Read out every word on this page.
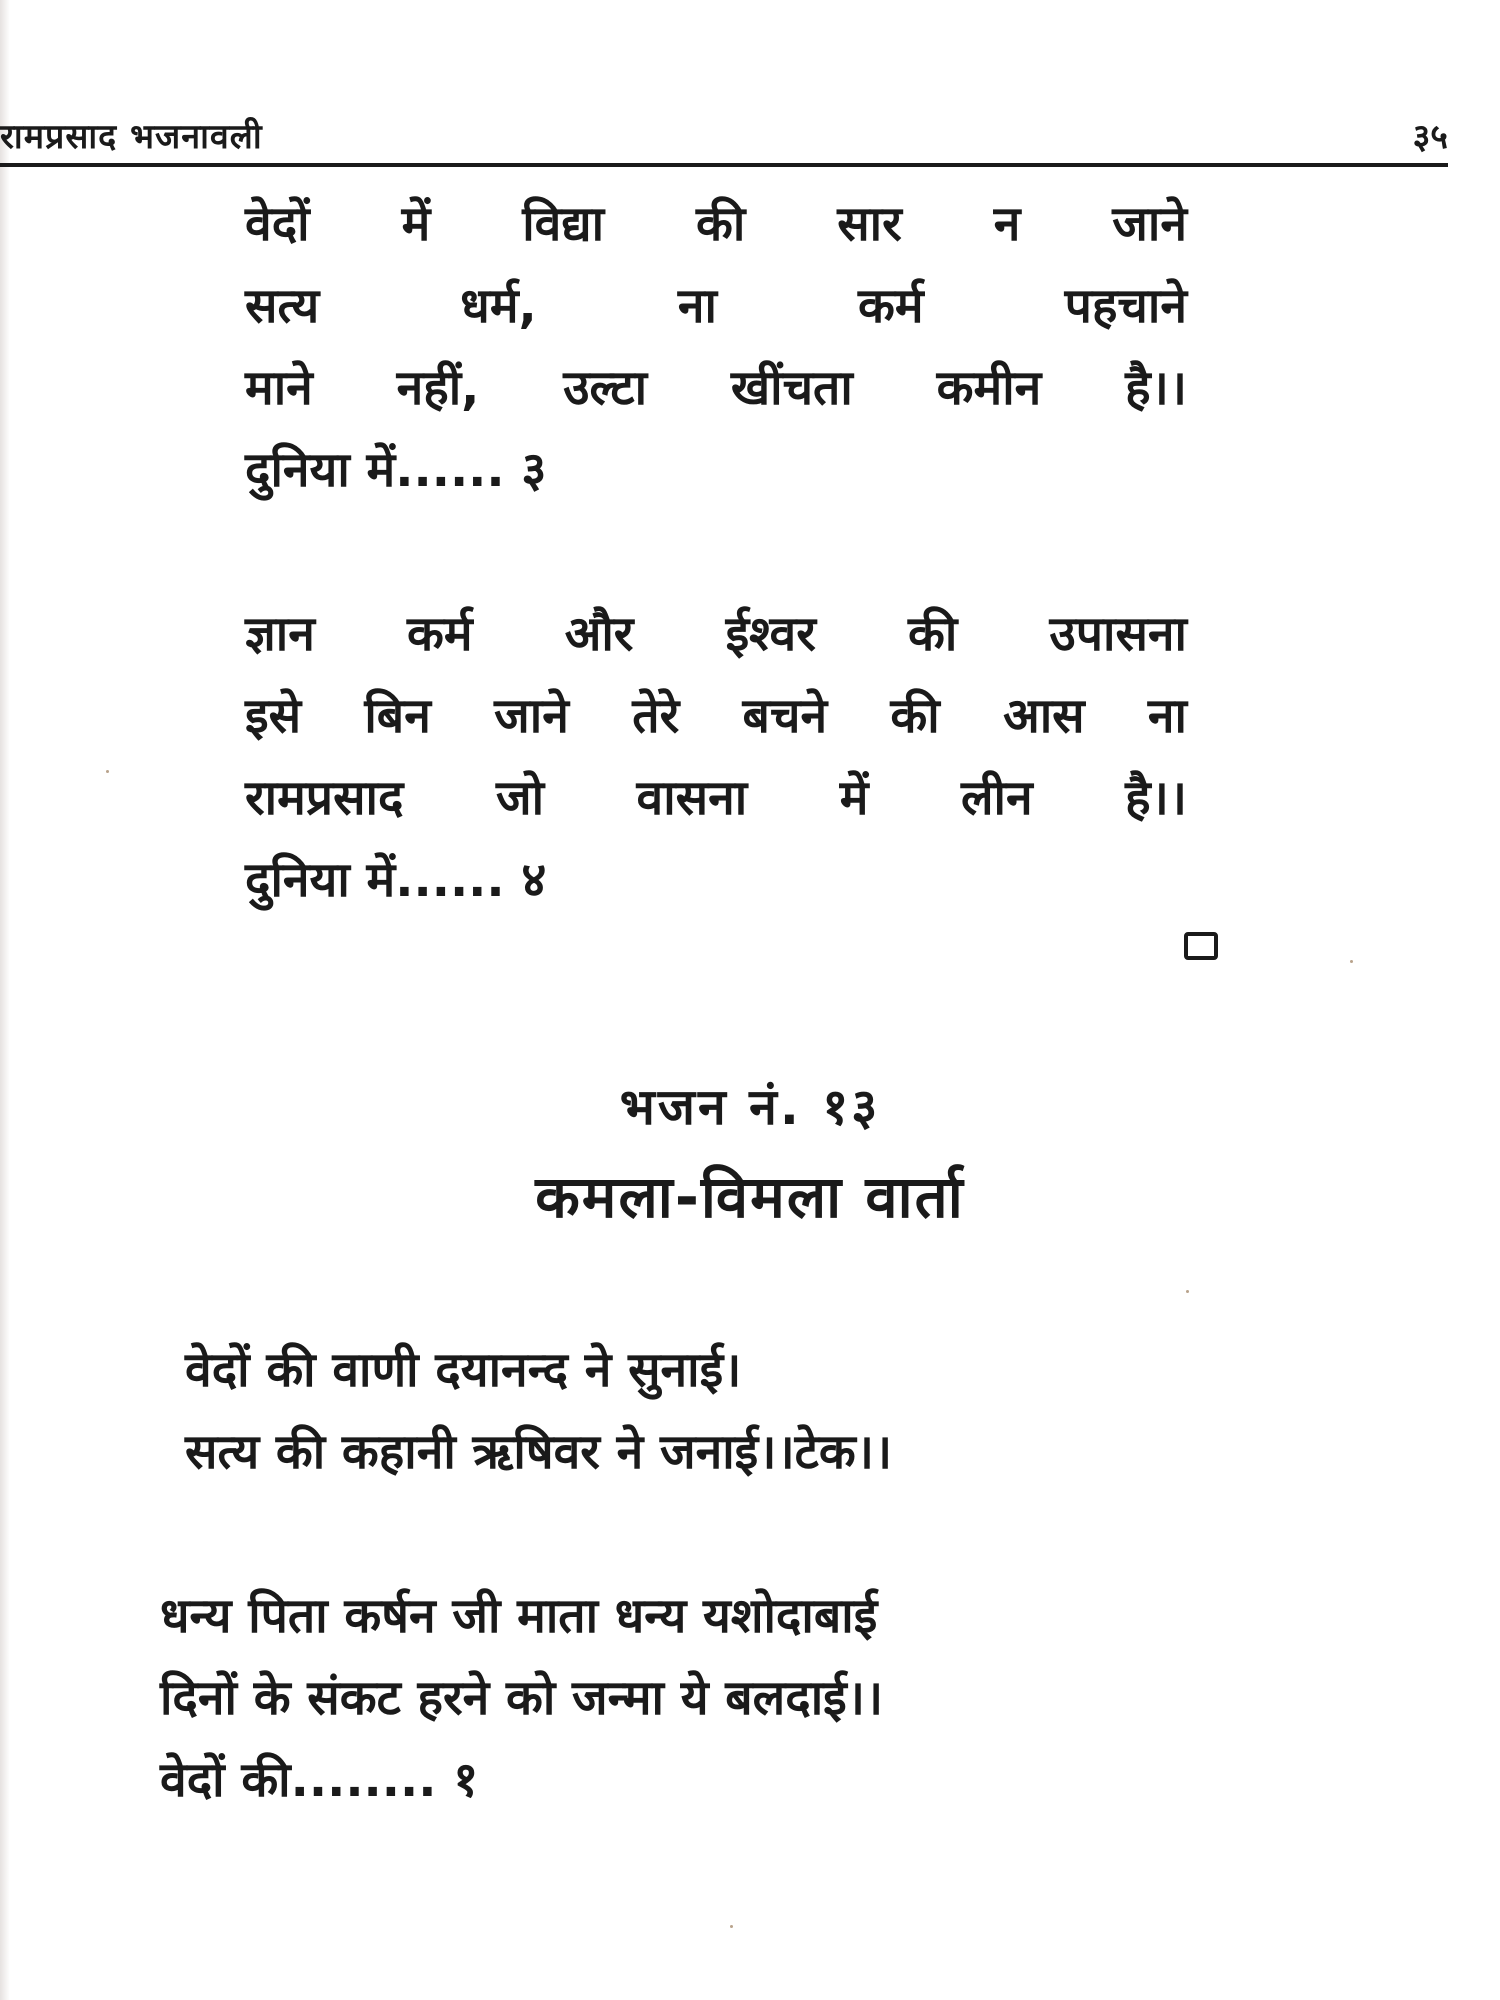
रामप्रसाद भजनावली	३५
वेदों में विद्या की सार न जाने
सत्य धर्म, ना कर्म पहचाने
माने नहीं, उल्टा खींचता कमीन है।।
दुनिया में...... ३
ज्ञान कर्म और ईश्वर की उपासना
इसे बिन जाने तेरे बचने की आस ना
रामप्रसाद जो वासना में लीन है।।
दुनिया में...... ४
भजन नं. १३
कमला-विमला वार्ता
वेदों की वाणी दयानन्द ने सुनाई।
सत्य की कहानी ऋषिवर ने जनाई।।टेक।।
धन्य पिता कर्षन जी माता धन्य यशोदाबाई
दिनों के संकट हरने को जन्मा ये बलदाई।।
वेदों की........ १
